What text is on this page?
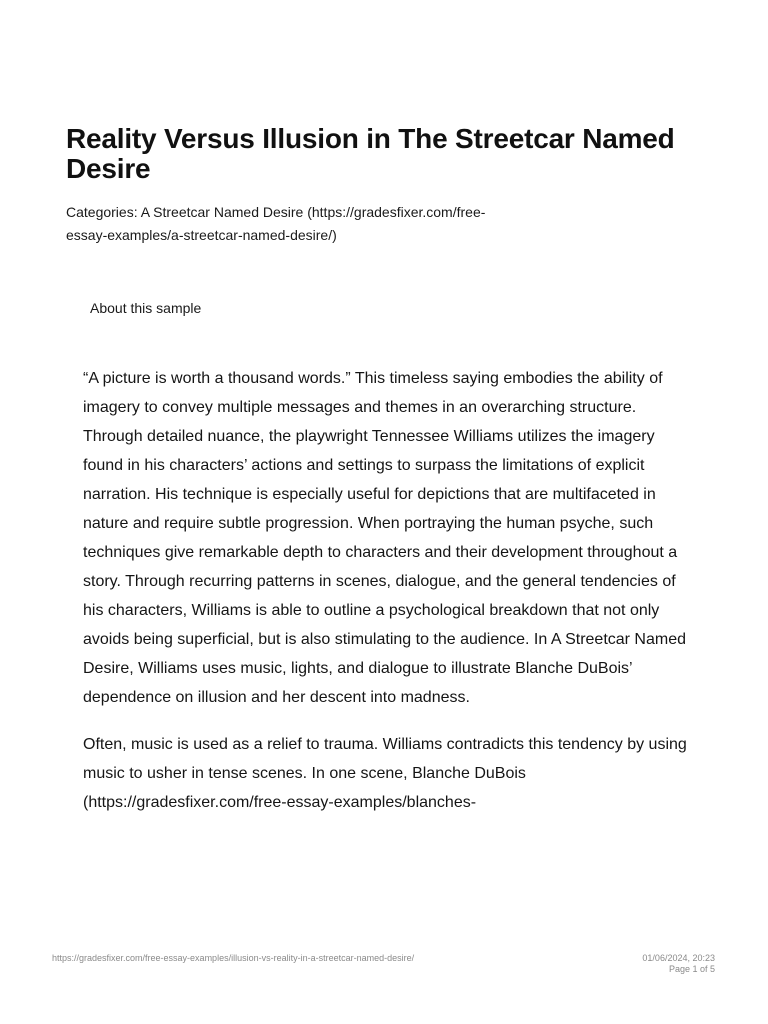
Reality Versus Illusion in The Streetcar Named Desire

Categories: A Streetcar Named Desire (https://gradesfixer.com/free-essay-examples/a-streetcar-named-desire/)

About this sample

“A picture is worth a thousand words.” This timeless saying embodies the ability of imagery to convey multiple messages and themes in an overarching structure. Through detailed nuance, the playwright Tennessee Williams utilizes the imagery found in his characters’ actions and settings to surpass the limitations of explicit narration. His technique is especially useful for depictions that are multifaceted in nature and require subtle progression. When portraying the human psyche, such techniques give remarkable depth to characters and their development throughout a story. Through recurring patterns in scenes, dialogue, and the general tendencies of his characters, Williams is able to outline a psychological breakdown that not only avoids being superficial, but is also stimulating to the audience. In A Streetcar Named Desire, Williams uses music, lights, and dialogue to illustrate Blanche DuBois’ dependence on illusion and her descent into madness.

Often, music is used as a relief to trauma. Williams contradicts this tendency by using music to usher in tense scenes. In one scene, Blanche DuBois (https://gradesfixer.com/free-essay-examples/blanches-

https://gradesfixer.com/free-essay-examples/illusion-vs-reality-in-a-streetcar-named-desire/	01/06/2024, 20:23
Page 1 of 5
